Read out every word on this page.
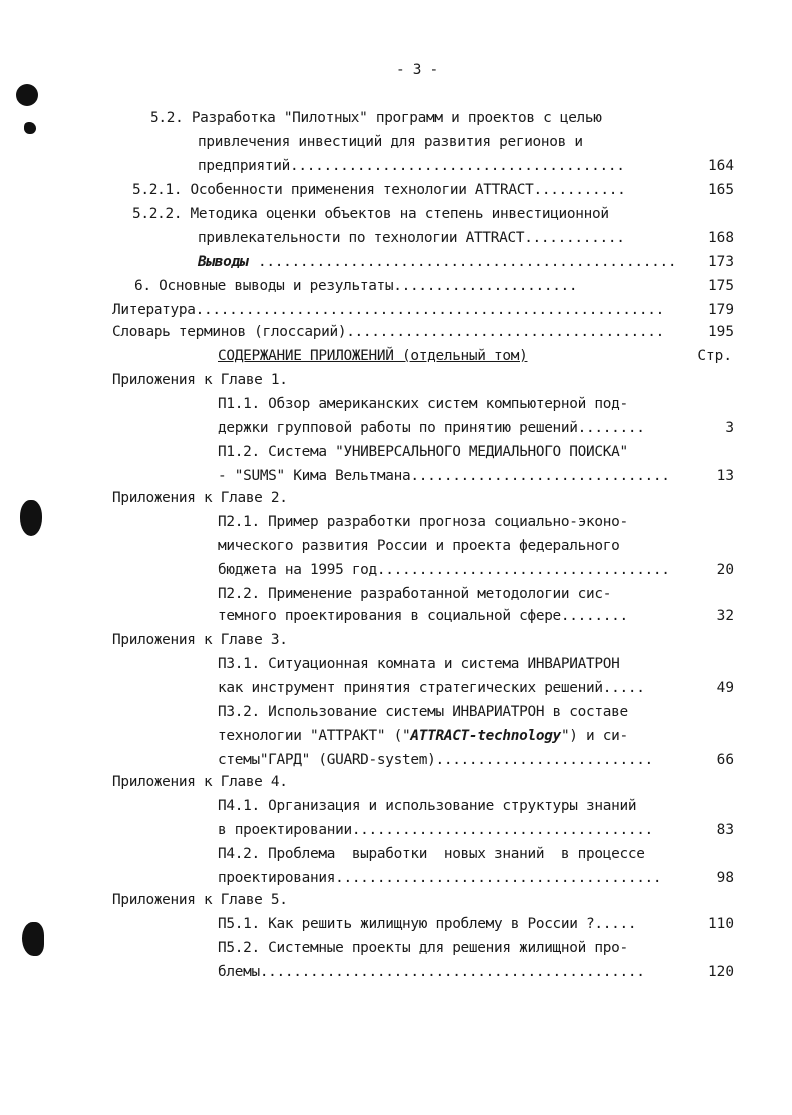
- 3 -
5.2. Разработка "Пилотных" программ и проектов с целью
привлечения инвестиций для развития регионов и
предприятий........................................	164
5.2.1. Особенности применения технологии ATTRACT...........	165
5.2.2. Методика оценки объектов на степень инвестиционной
привлекательности по технологии ATTRACT............	168
Выводы ..................................................	173
6. Основные выводы и результаты......................	175
Литература........................................................	179
Словарь терминов (глоссарий)......................................	195
СОДЕРЖАНИЕ ПРИЛОЖЕНИЙ (отдельный том)	Стр.
Приложения к Главе 1.
П1.1. Обзор американских систем компьютерной под-
держки групповой работы по принятию решений........	3
П1.2. Система "УНИВЕРСАЛЬНОГО МЕДИАЛЬНОГО ПОИСКА"
- "SUMS" Кима Вельтмана...............................	13
Приложения к Главе 2.
П2.1. Пример разработки прогноза социально-эконо-
мического развития России и проекта федерального
бюджета на 1995 год...................................	20
П2.2. Применение разработанной методологии сис-
темного проектирования в социальной сфере........	32
Приложения к Главе 3.
П3.1. Ситуационная комната и система ИНВАРИАТРОН
как инструмент принятия стратегических решений.....	49
П3.2. Использование системы ИНВАРИАТРОН в составе
технологии "АТТРАКТ" ("ATTRACT-technology") и си-
стемы"ГАРД" (GUARD-system)..........................	66
Приложения к Главе 4.
П4.1. Организация и использование структуры знаний
в проектировании....................................	83
П4.2. Проблема  выработки  новых знаний  в процессе
проектирования.......................................	98
Приложения к Главе 5.
П5.1. Как решить жилищную проблему в России ?.....	110
П5.2. Системные проекты для решения жилищной про-
блемы..............................................	120
